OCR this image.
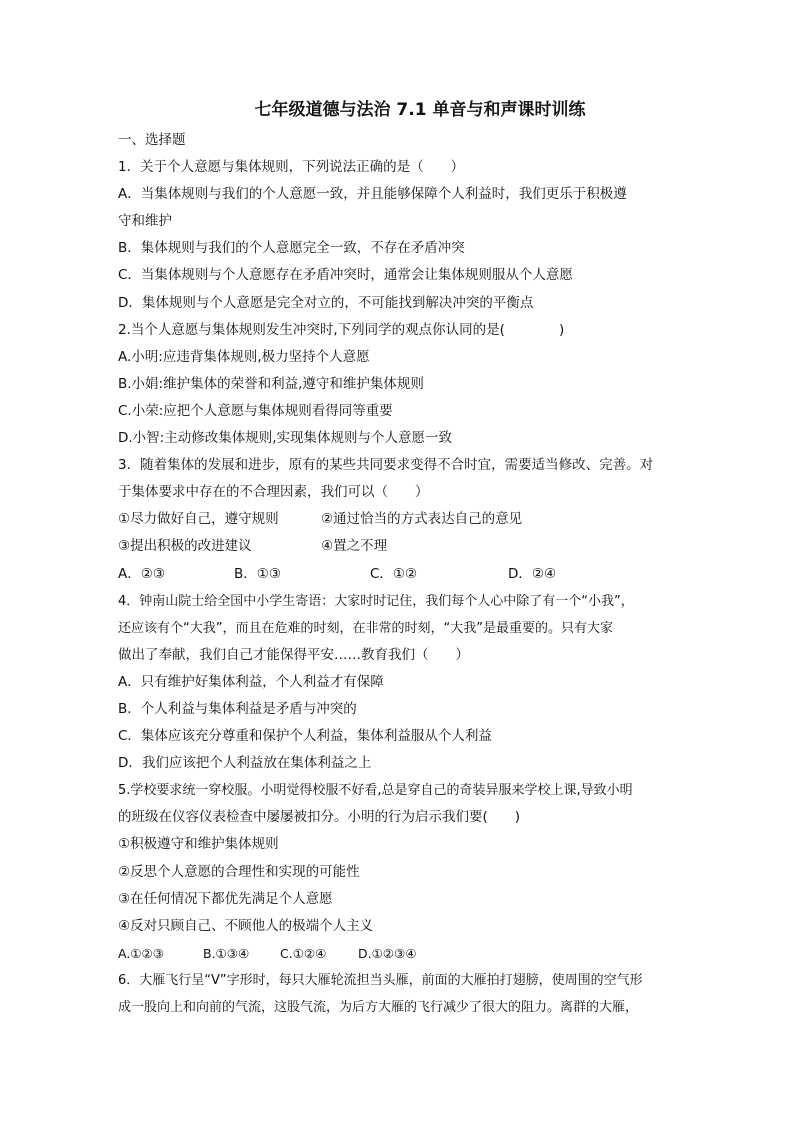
七年级道德与法治 7.1 单音与和声课时训练
一、选择题
1．关于个人意愿与集体规则，下列说法正确的是（　　）
A．当集体规则与我们的个人意愿一致，并且能够保障个人利益时，我们更乐于积极遵
守和维护
B．集体规则与我们的个人意愿完全一致，不存在矛盾冲突
C．当集体规则与个人意愿存在矛盾冲突时，通常会让集体规则服从个人意愿
D．集体规则与个人意愿是完全对立的，不可能找到解决冲突的平衡点
2.当个人意愿与集体规则发生冲突时,下列同学的观点你认同的是(　　　　)
A.小明:应违背集体规则,极力坚持个人意愿
B.小娟:维护集体的荣誉和利益,遵守和维护集体规则
C.小荣:应把个人意愿与集体规则看得同等重要
D.小智:主动修改集体规则,实现集体规则与个人意愿一致
3．随着集体的发展和进步，原有的某些共同要求变得不合时宜，需要适当修改、完善。对
于集体要求中存在的不合理因素，我们可以（　　）
①尽力做好自己，遵守规则	②通过恰当的方式表达自己的意见
③提出积极的改进建议	④置之不理
A．②③	B．①③	C．①②	D．②④
4．钟南山院士给全国中小学生寄语：大家时时记住，我们每个人心中除了有一个“小我”，
还应该有个“大我”，而且在危难的时刻，在非常的时刻，“大我”是最重要的。只有大家
做出了奉献，我们自己才能保得平安……教育我们（　　）
A．只有维护好集体利益，个人利益才有保障
B．个人利益与集体利益是矛盾与冲突的
C．集体应该充分尊重和保护个人利益，集体利益服从个人利益
D．我们应该把个人利益放在集体利益之上
5.学校要求统一穿校服。小明觉得校服不好看,总是穿自己的奇装异服来学校上课,导致小明
的班级在仪容仪表检查中屡屡被扣分。小明的行为启示我们要(　　)
①积极遵守和维护集体规则
②反思个人意愿的合理性和实现的可能性
③在任何情况下都优先满足个人意愿
④反对只顾自己、不顾他人的极端个人主义
A.①②③	B.①③④	C.①②④	D.①②③④
6．大雁飞行呈“V”字形时，每只大雁轮流担当头雁，前面的大雁拍打翅膀，使周围的空气形
成一股向上和向前的气流，这股气流，为后方大雁的飞行减少了很大的阻力。离群的大雁，
